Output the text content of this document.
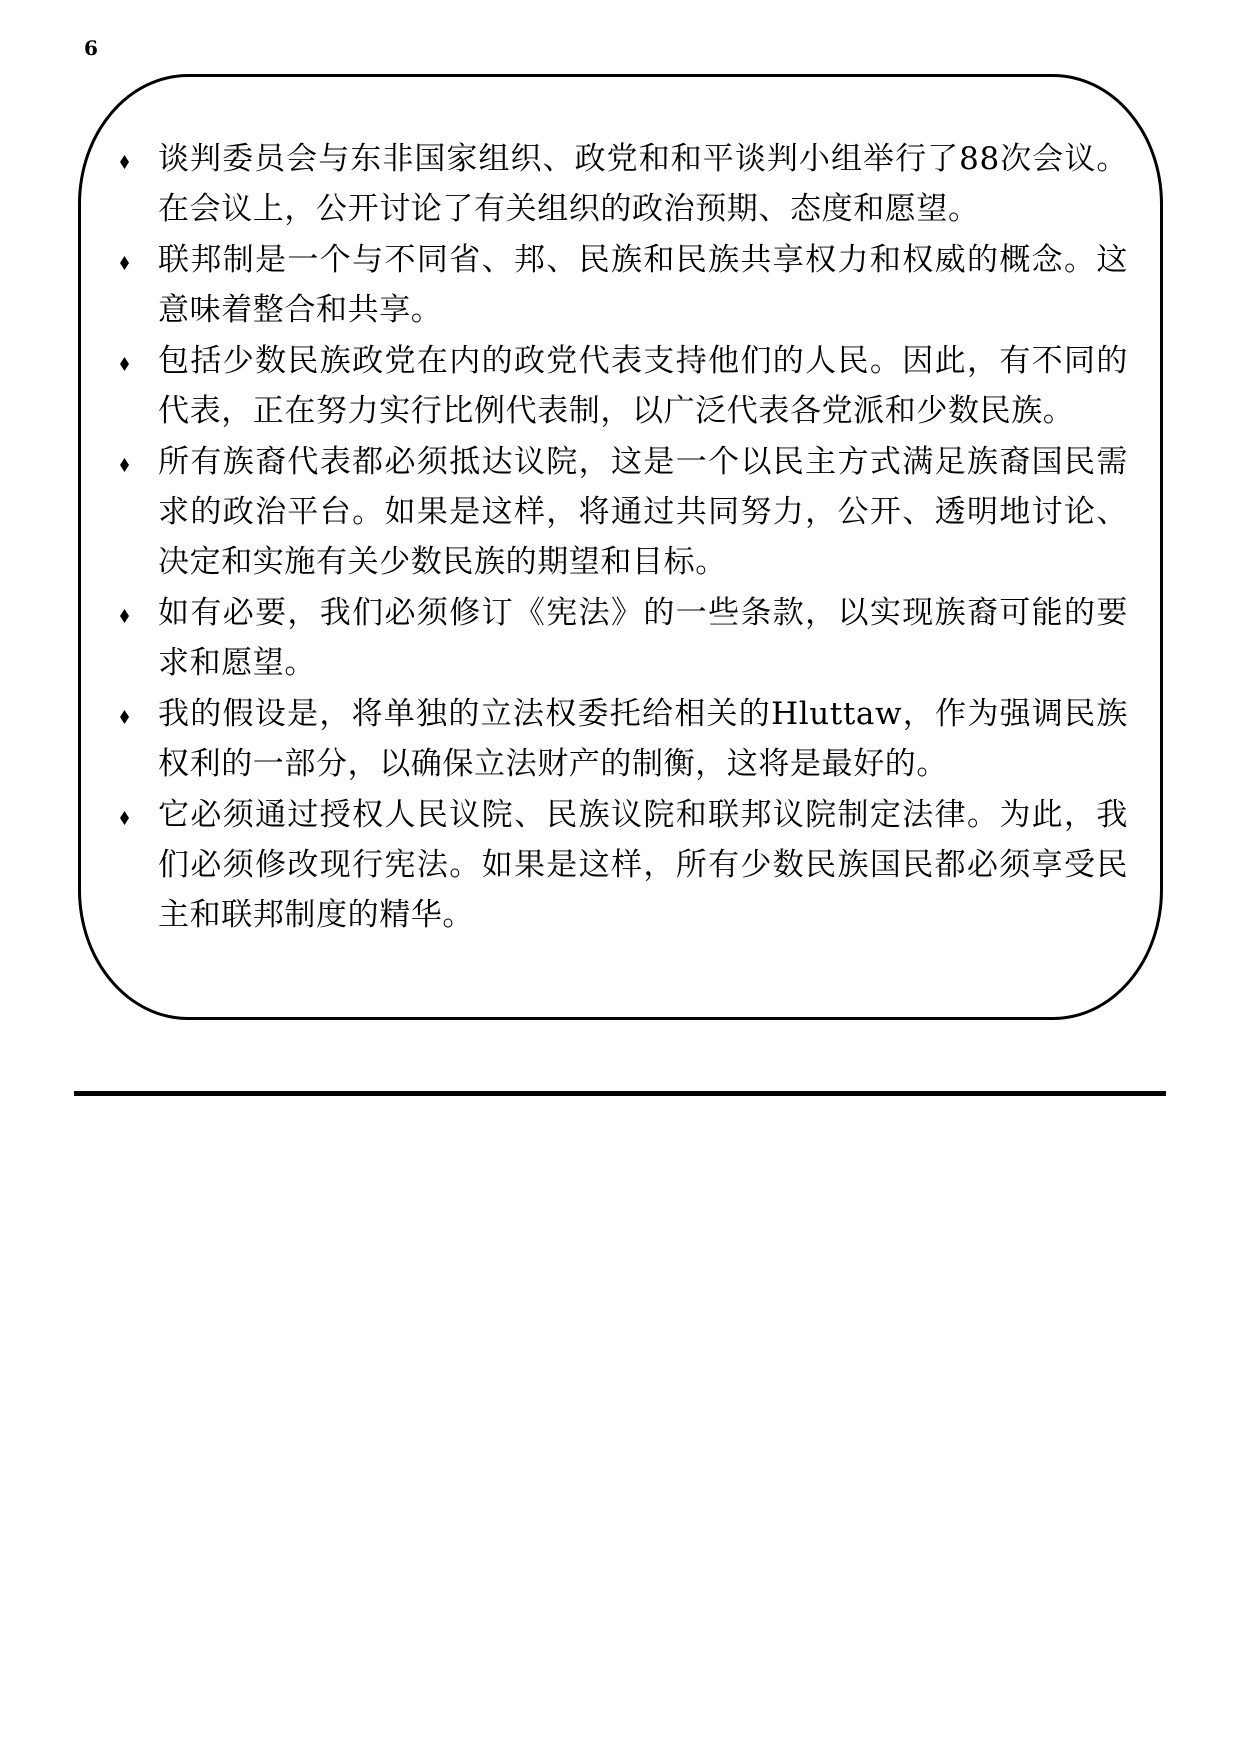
6
谈判委员会与东非国家组织、政党和和平谈判小组举行了88次会议。在会议上，公开讨论了有关组织的政治预期、态度和愿望。
联邦制是一个与不同省、邦、民族和民族共享权力和权威的概念。这意味着整合和共享。
包括少数民族政党在内的政党代表支持他们的人民。因此，有不同的代表，正在努力实行比例代表制，以广泛代表各党派和少数民族。
所有族裔代表都必须抵达议院，这是一个以民主方式满足族裔国民需求的政治平台。如果是这样，将通过共同努力，公开、透明地讨论、决定和实施有关少数民族的期望和目标。
如有必要，我们必须修订《宪法》的一些条款，以实现族裔可能的要求和愿望。
我的假设是，将单独的立法权委托给相关的Hluttaw，作为强调民族权利的一部分，以确保立法财产的制衡，这将是最好的。
它必须通过授权人民议院、民族议院和联邦议院制定法律。为此，我们必须修改现行宪法。如果是这样，所有少数民族国民都必须享受民主和联邦制度的精华。
